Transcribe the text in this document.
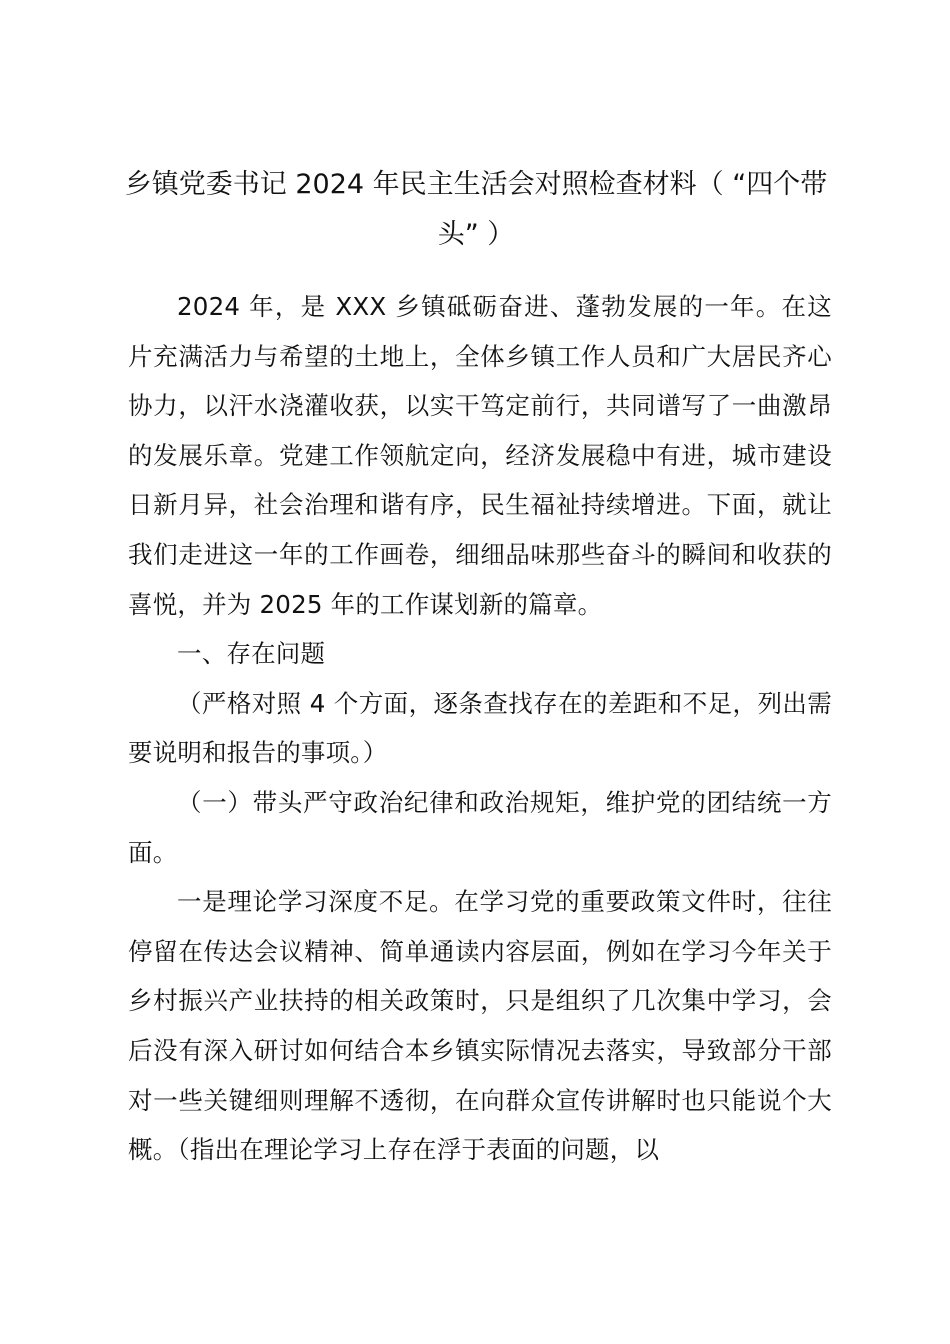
乡镇党委书记 2024 年民主生活会对照检查材料（ “四个带头” ）

2024 年，是 XXX 乡镇砥砺奋进、蓬勃发展的一年。在这片充满活力与希望的土地上，全体乡镇工作人员和广大居民齐心协力，以汗水浇灌收获，以实干笃定前行，共同谱写了一曲激昂的发展乐章。党建工作领航定向，经济发展稳中有进，城市建设日新月异，社会治理和谐有序，民生福祉持续增进。下面，就让我们走进这一年的工作画卷，细细品味那些奋斗的瞬间和收获的喜悦，并为 2025 年的工作谋划新的篇章。

一、存在问题

（严格对照 4 个方面，逐条查找存在的差距和不足，列出需要说明和报告的事项。）

（一）带头严守政治纪律和政治规矩，维护党的团结统一方面。

一是理论学习深度不足。在学习党的重要政策文件时，往往停留在传达会议精神、简单通读内容层面，例如在学习今年关于乡村振兴产业扶持的相关政策时，只是组织了几次集中学习，会后没有深入研讨如何结合本乡镇实际情况去落实，导致部分干部对一些关键细则理解不透彻，在向群众宣传讲解时也只能说个大概。（指出在理论学习上存在浮于表面的问题，以
